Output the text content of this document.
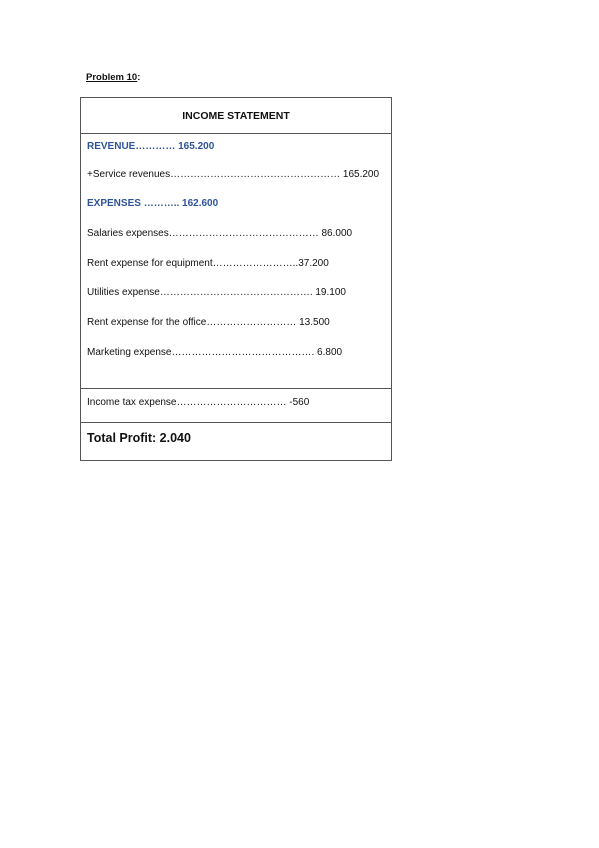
Problem 10:
INCOME STATEMENT
REVENUE………… 165.200
+Service revenues…………………………………………… 165.200
EXPENSES ……….. 162.600
Salaries expenses……………………………………… 86.000
Rent expense for equipment……………………..37.200
Utilities expense………………………………………. 19.100
Rent expense for the office……………………… 13.500
Marketing expense……………………………………. 6.800
Income tax expense…………………………… -560
Total Profit: 2.040
